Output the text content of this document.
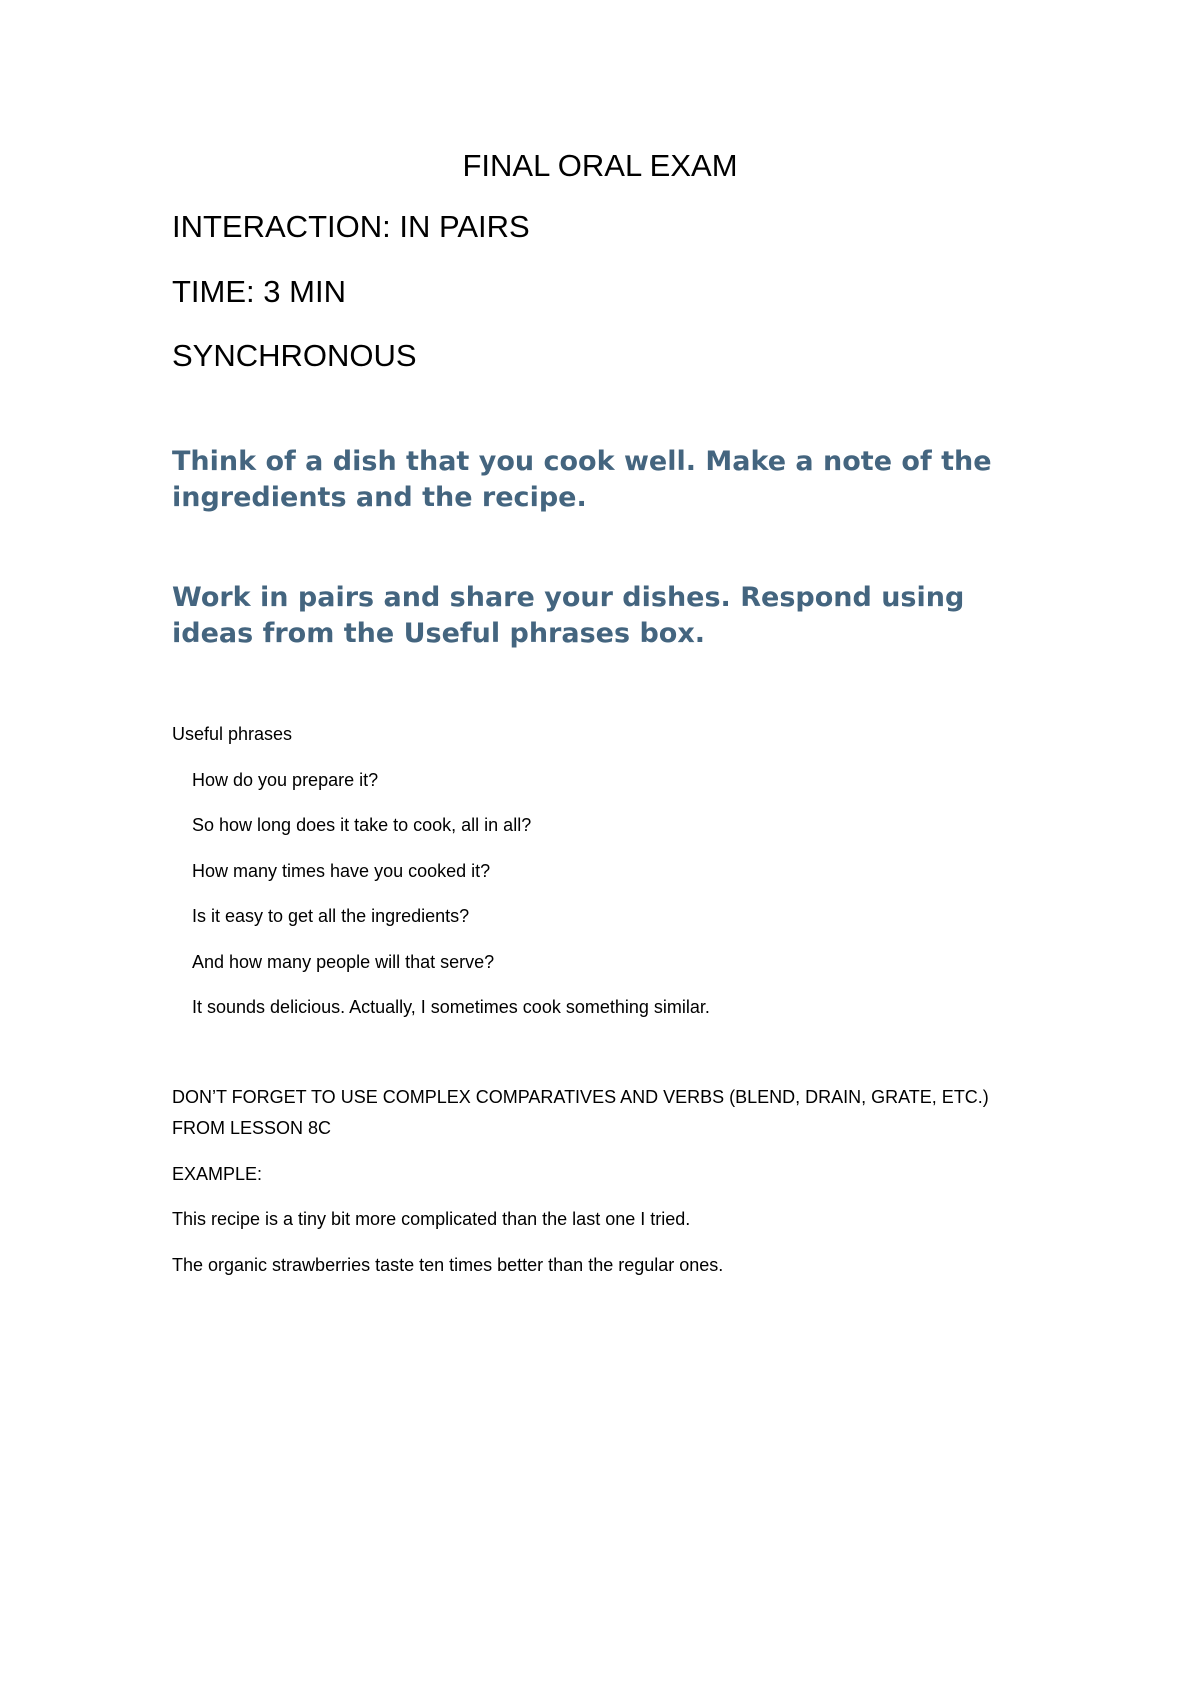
FINAL ORAL EXAM

INTERACTION: IN PAIRS

TIME: 3 MIN

SYNCHRONOUS

Think of a dish that you cook well. Make a note of the ingredients and the recipe.

Work in pairs and share your dishes. Respond using ideas from the Useful phrases box.

Useful phrases

How do you prepare it?
So how long does it take to cook, all in all?
How many times have you cooked it?
Is it easy to get all the ingredients?
And how many people will that serve?
It sounds delicious. Actually, I sometimes cook something similar.

DON’T FORGET TO USE COMPLEX COMPARATIVES AND VERBS (BLEND, DRAIN, GRATE, ETC.) FROM LESSON 8C

EXAMPLE:

This recipe is a tiny bit more complicated than the last one I tried.

The organic strawberries taste ten times better than the regular ones.
